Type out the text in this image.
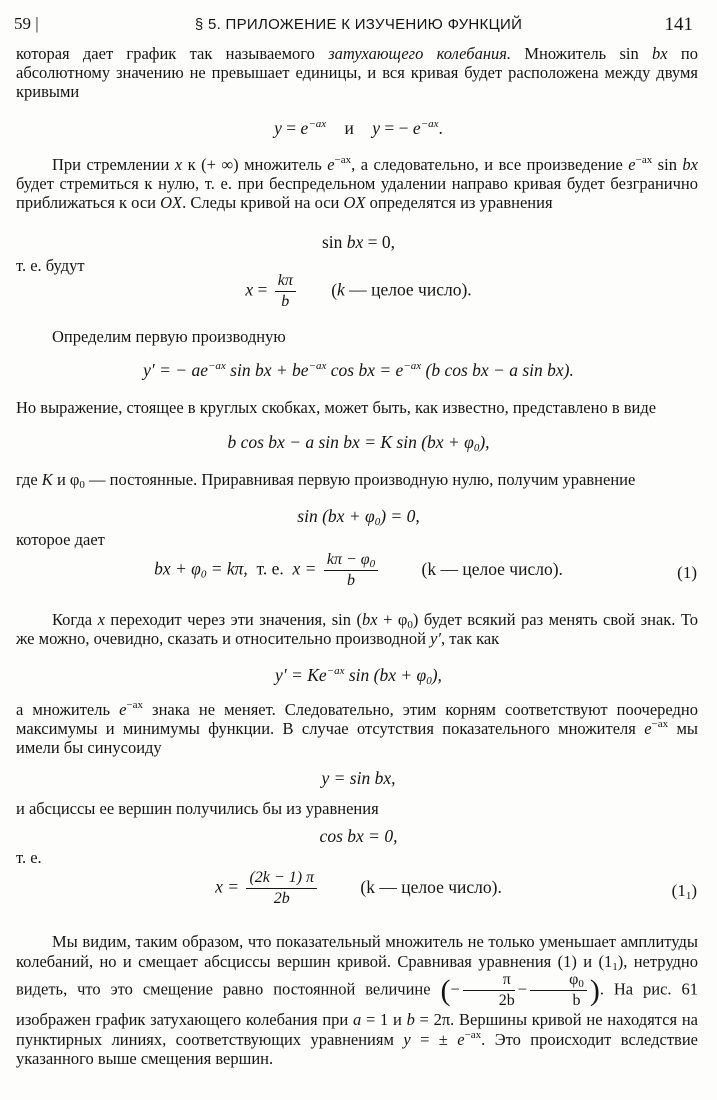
59 |	§ 5. ПРИЛОЖЕНИЕ К ИЗУЧЕНИЮ ФУНКЦИЙ	141
которая дает график так называемого затухающего колебания. Множитель sin bx по абсолютному значению не превышает единицы, и вся кривая будет расположена между двумя кривыми
$y = e^{-ax}$ и y = − $e^{-ax}$.
При стремлении x к (+ ∞) множитель $e^{-ax}$, а следовательно, и все произведение $e^{-ax}$ sin bx будет стремиться к нулю, т. е. при беспредельном удалении направо кривая будет безгранично приближаться к оси OX. Следы кривой на оси OX определятся из уравнения
sin bx = 0,
т. е. будут
$x = \frac{k\pi}{b} (k$ — целое число).
Определим первую производную
y′ = − $ae^{-ax}$ sin bx + $be^{-ax}$ cos bx = $e^{-ax}$ (b cos bx − a sin bx).
Но выражение, стоящее в круглых скобках, может быть, как известно, представлено в виде
b cos bx − a sin bx = K $\sin (bx + \varphi_0)$,
где K и $\varphi_0$ — постоянные. Приравнивая первую производную нулю, получим уравнение
$\sin (bx + \varphi_0) = 0$,
которое дает
bx + $\varphi_0 = k\pi$,  т. е.  $x = \frac{k\pi - \varphi_0}{b} (k$ — целое число).	(1)
Когда x переходит через эти значения, $\sin (bx + \varphi_0)$ будет всякий раз менять свой знак. То же можно, очевидно, сказать и относительно производной y′, так как
$y' = Ke^{-ax}$ $\sin (bx + \varphi_0)$,
а множитель $e^{-ax}$ знака не меняет. Следовательно, этим корням соответствуют поочередно максимумы и минимумы функции. В случае отсутствия показательного множителя $e^{-ax}$ мы имели бы синусоиду
y = sin bx,
и абсциссы ее вершин получились бы из уравнения
cos bx = 0,
т. е.
$x = \frac{(2k - 1) \pi}{2b} (k$ — целое число).	$(1_1)$
Мы видим, таким образом, что показательный множитель не только уменьшает амплитуды колебаний, но и смещает абсциссы вершин кривой. Сравнивая уравнения (1) и $(1_1)$, нетрудно видеть, что это смещение равно постоянной величине (− $\frac{\pi}{2b} - \frac{\varphi_0}{b}$ ). На рис. 61 изображен график затухающего колебания при a = 1 и b = 2π. Вершины кривой не находятся на пунктирных линиях, соответствующих уравнениям y = ± $e^{-ax}$. Это происходит вследствие указанного выше смещения вершин.
